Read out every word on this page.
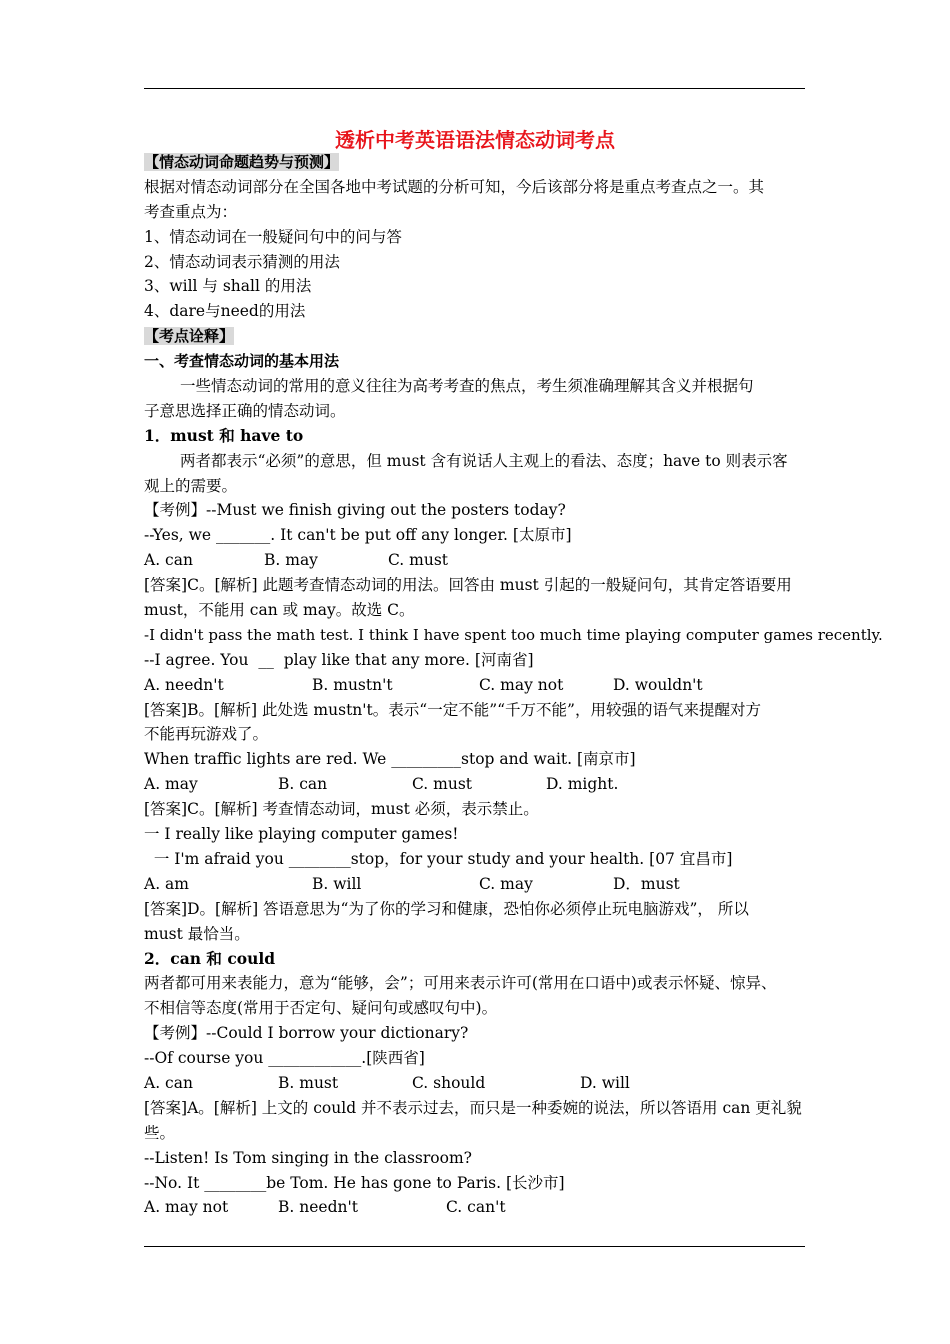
透析中考英语语法情态动词考点
【情态动词命题趋势与预测】
根据对情态动词部分在全国各地中考试题的分析可知，今后该部分将是重点考查点之一。其
考查重点为：
1、情态动词在一般疑问句中的问与答
2、情态动词表示猜测的用法
3、will 与 shall 的用法
4、dare与need的用法
【考点诠释】
一、考查情态动词的基本用法
一些情态动词的常用的意义往往为高考考查的焦点，考生须准确理解其含义并根据句
子意思选择正确的情态动词。
1．must 和 have to
两者都表示“必须”的意思，但 must 含有说话人主观上的看法、态度；have to 则表示客
观上的需要。
【考例】--Must we finish giving out the posters today?
--Yes, we _______. It can't be put off any longer. [太原市]
A. can	B. may	C. must
[答案]C。[解析] 此题考查情态动词的用法。回答由 must 引起的一般疑问句，其肯定答语要用
must，不能用 can 或 may。故选 C。
-I didn't pass the math test. I think I have spent too much time playing computer games recently.
--I agree. You  __  play like that any more. [河南省]
A. needn't	B. mustn't	C. may not	D. wouldn't
[答案]B。[解析] 此处选 mustn't。表示“一定不能”“千万不能”，用较强的语气来提醒对方
不能再玩游戏了。
When traffic lights are red. We _________stop and wait. [南京市]
A. may	B. can	C. must	D. might.
[答案]C。[解析] 考查情态动词，must 必须，表示禁止。
一 I really like playing computer games!
一 I'm afraid you ________stop，for your study and your health. [07 宜昌市]
A. am	B. will	C. may	D．must
[答案]D。[解析] 答语意思为“为了你的学习和健康，恐怕你必须停止玩电脑游戏”， 所以
must 最恰当。
2．can 和 could
两者都可用来表能力，意为“能够，会”；可用来表示许可(常用在口语中)或表示怀疑、惊异、
不相信等态度(常用于否定句、疑问句或感叹句中)。
【考例】--Could I borrow your dictionary?
--Of course you ____________.[陕西省]
A. can	B. must	C. should	D. will
[答案]A。[解析] 上文的 could 并不表示过去，而只是一种委婉的说法，所以答语用 can 更礼貌
些。
--Listen! Is Tom singing in the classroom?
--No. It ________be Tom. He has gone to Paris. [长沙市]
A. may not	B. needn't	C. can't
